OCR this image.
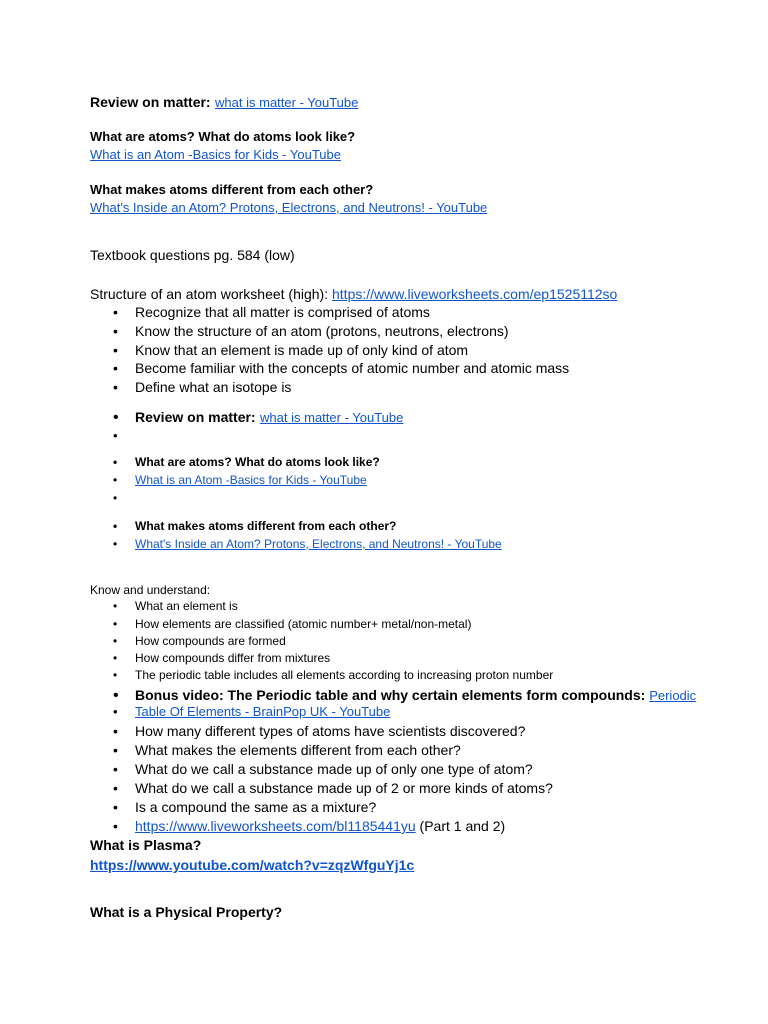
Review on matter: what is matter - YouTube
What are atoms? What do atoms look like?
What is an Atom -Basics for Kids - YouTube
What makes atoms different from each other?
What's Inside an Atom? Protons, Electrons, and Neutrons! - YouTube
Textbook questions pg. 584 (low)
Structure of an atom worksheet (high): https://www.liveworksheets.com/ep1525112so
• Recognize that all matter is comprised of atoms
• Know the structure of an atom (protons, neutrons, electrons)
• Know that an element is made up of only kind of atom
• Become familiar with the concepts of atomic number and atomic mass
• Define what an isotope is
• Review on matter: what is matter - YouTube
•
• What are atoms? What do atoms look like?
• What is an Atom -Basics for Kids - YouTube
•
• What makes atoms different from each other?
• What's Inside an Atom? Protons, Electrons, and Neutrons! - YouTube
Know and understand:
• What an element is
• How elements are classified (atomic number+ metal/non-metal)
• How compounds are formed
• How compounds differ from mixtures
• The periodic table includes all elements according to increasing proton number
• Bonus video: The Periodic table and why certain elements form compounds: Periodic
• Table Of Elements - BrainPop UK - YouTube
• How many different types of atoms have scientists discovered?
• What makes the elements different from each other?
• What do we call a substance made up of only one type of atom?
• What do we call a substance made up of 2 or more kinds of atoms?
• Is a compound the same as a mixture?
• https://www.liveworksheets.com/bl1185441yu (Part 1 and 2)
What is Plasma?
https://www.youtube.com/watch?v=zqzWfguYj1c
What is a Physical Property?
